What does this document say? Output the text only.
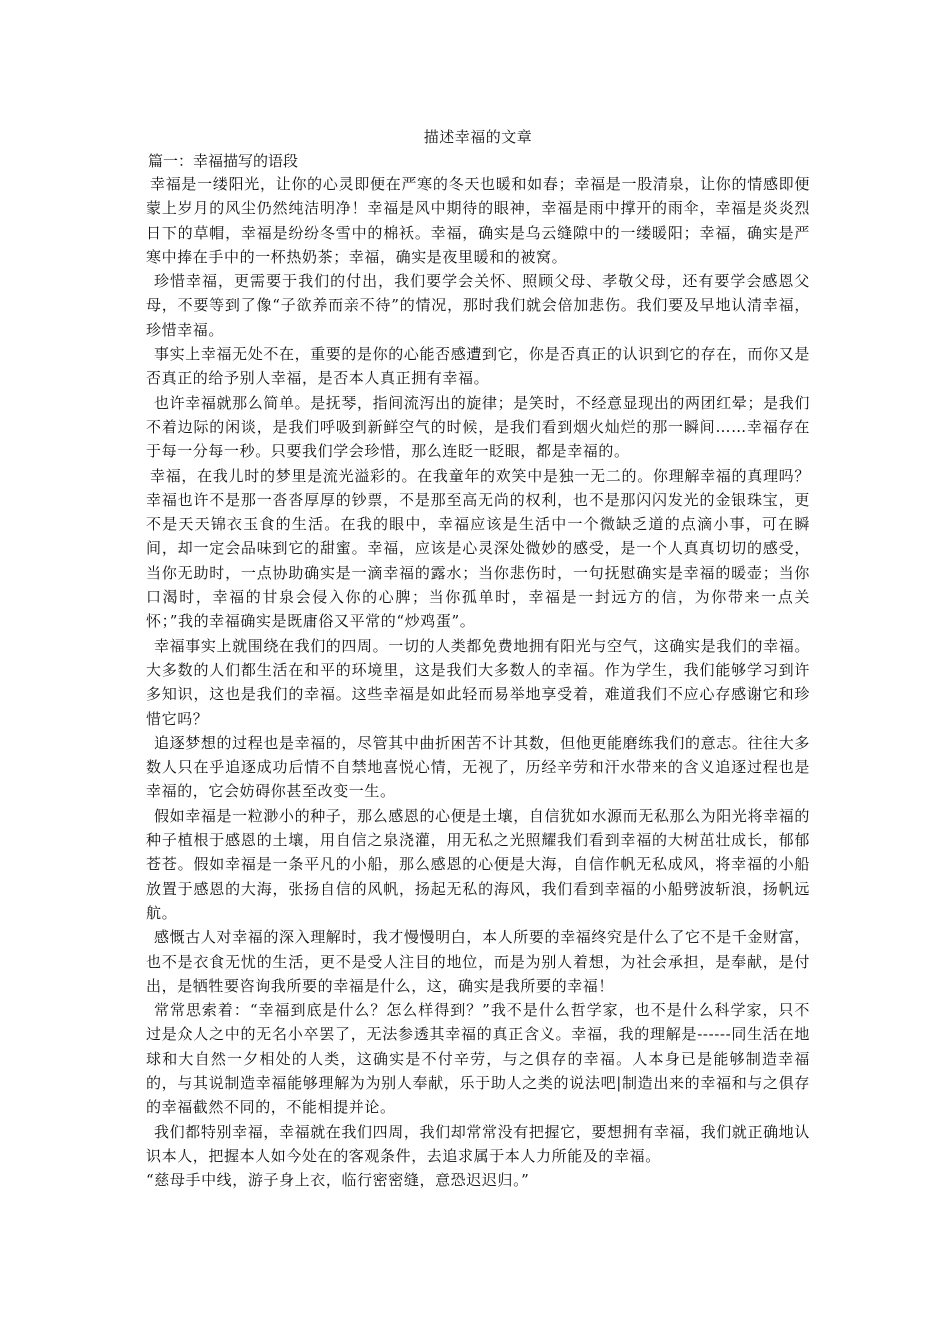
描述幸福的文章
篇一：幸福描写的语段

幸福是一缕阳光，让你的心灵即便在严寒的冬天也暖和如春；幸福是一股清泉，让你的情感即便蒙上岁月的风尘仍然纯洁明净！幸福是风中期待的眼神，幸福是雨中撑开的雨伞，幸福是炎炎烈日下的草帽，幸福是纷纷冬雪中的棉袄。幸福，确实是乌云缝隙中的一缕暖阳；幸福，确实是严寒中捧在手中的一杯热奶茶；幸福，确实是夜里暖和的被窝。

珍惜幸福，更需要于我们的付出，我们要学会关怀、照顾父母、孝敬父母，还有要学会感恩父母，不要等到了像“子欲养而亲不待”的情况，那时我们就会倍加悲伤。我们要及早地认清幸福，珍惜幸福。

事实上幸福无处不在，重要的是你的心能否感遭到它，你是否真正的认识到它的存在，而你又是否真正的给予别人幸福，是否本人真正拥有幸福。

也许幸福就那么简单。是抚琴，指间流泻出的旋律；是笑时，不经意显现出的两团红晕；是我们不着边际的闲谈，是我们呼吸到新鲜空气的时候，是我们看到烟火灿烂的那一瞬间……幸福存在于每一分每一秒。只要我们学会珍惜，那么连眨一眨眼，都是幸福的。

幸福，在我儿时的梦里是流光溢彩的。在我童年的欢笑中是独一无二的。你理解幸福的真理吗？幸福也许不是那一沓沓厚厚的钞票，不是那至高无尚的权利，也不是那闪闪发光的金银珠宝，更不是天天锦衣玉食的生活。在我的眼中，幸福应该是生活中一个微缺乏道的点滴小事，可在瞬间，却一定会品味到它的甜蜜。幸福，应该是心灵深处微妙的感受，是一个人真真切切的感受，当你无助时，一点协助确实是一滴幸福的露水；当你悲伤时，一句抚慰确实是幸福的暖壶；当你口渴时，幸福的甘泉会侵入你的心脾；当你孤单时，幸福是一封远方的信，为你带来一点关怀；”我的幸福确实是既庸俗又平常的“炒鸡蛋”。

幸福事实上就围绕在我们的四周。一切的人类都免费地拥有阳光与空气，这确实是我们的幸福。大多数的人们都生活在和平的环境里，这是我们大多数人的幸福。作为学生，我们能够学习到许多知识，这也是我们的幸福。这些幸福是如此轻而易举地享受着，难道我们不应心存感谢它和珍惜它吗？

追逐梦想的过程也是幸福的，尽管其中曲折困苦不计其数，但他更能磨练我们的意志。往往大多数人只在乎追逐成功后情不自禁地喜悦心情，无视了，历经辛劳和汗水带来的含义追逐过程也是幸福的，它会妨碍你甚至改变一生。

假如幸福是一粒渺小的种子，那么感恩的心便是土壤，自信犹如水源而无私那么为阳光将幸福的种子植根于感恩的土壤，用自信之泉浇灌，用无私之光照耀我们看到幸福的大树茁壮成长，郁郁苍苍。假如幸福是一条平凡的小船，那么感恩的心便是大海，自信作帆无私成风，将幸福的小船放置于感恩的大海，张扬自信的风帆，扬起无私的海风，我们看到幸福的小船劈波斩浪，扬帆远航。

感慨古人对幸福的深入理解时，我才慢慢明白，本人所要的幸福终究是什么了它不是千金财富，也不是衣食无忧的生活，更不是受人注目的地位，而是为别人着想，为社会承担，是奉献，是付出，是牺牲要咨询我所要的幸福是什么，这，确实是我所要的幸福！

常常思索着：“幸福到底是什么？怎么样得到？”我不是什么哲学家，也不是什么科学家，只不过是众人之中的无名小卒罢了，无法参透其幸福的真正含义。幸福，我的理解是------同生活在地球和大自然一夕相处的人类，这确实是不付辛劳，与之俱存的幸福。人本身已是能够制造幸福的，与其说制造幸福能够理解为为别人奉献，乐于助人之类的说法吧|制造出来的幸福和与之俱存的幸福截然不同的，不能相提并论。

我们都特别幸福，幸福就在我们四周，我们却常常没有把握它，要想拥有幸福，我们就正确地认识本人，把握本人如今处在的客观条件，去追求属于本人力所能及的幸福。

“慈母手中线，游子身上衣，临行密密缝，意恐迟迟归。”
